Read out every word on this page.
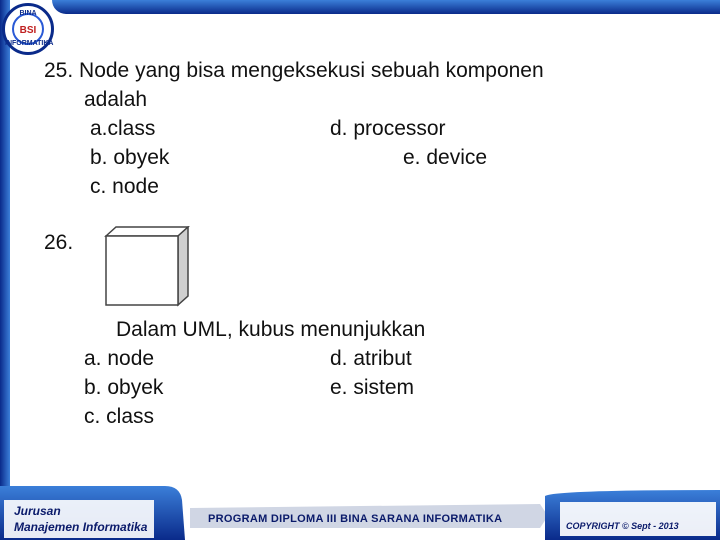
BINA
BSI
INFORMATIKA
25. Node yang bisa mengeksekusi sebuah komponen
adalah
a.class
b. obyek
c. node
d. processor
e. device
26.
Dalam UML, kubus menunjukkan
a. node
b. obyek
c. class
d. atribut
e. sistem
Jurusan
Manajemen Informatika
PROGRAM DIPLOMA III BINA SARANA INFORMATIKA
COPYRIGHT © Sept - 2013
